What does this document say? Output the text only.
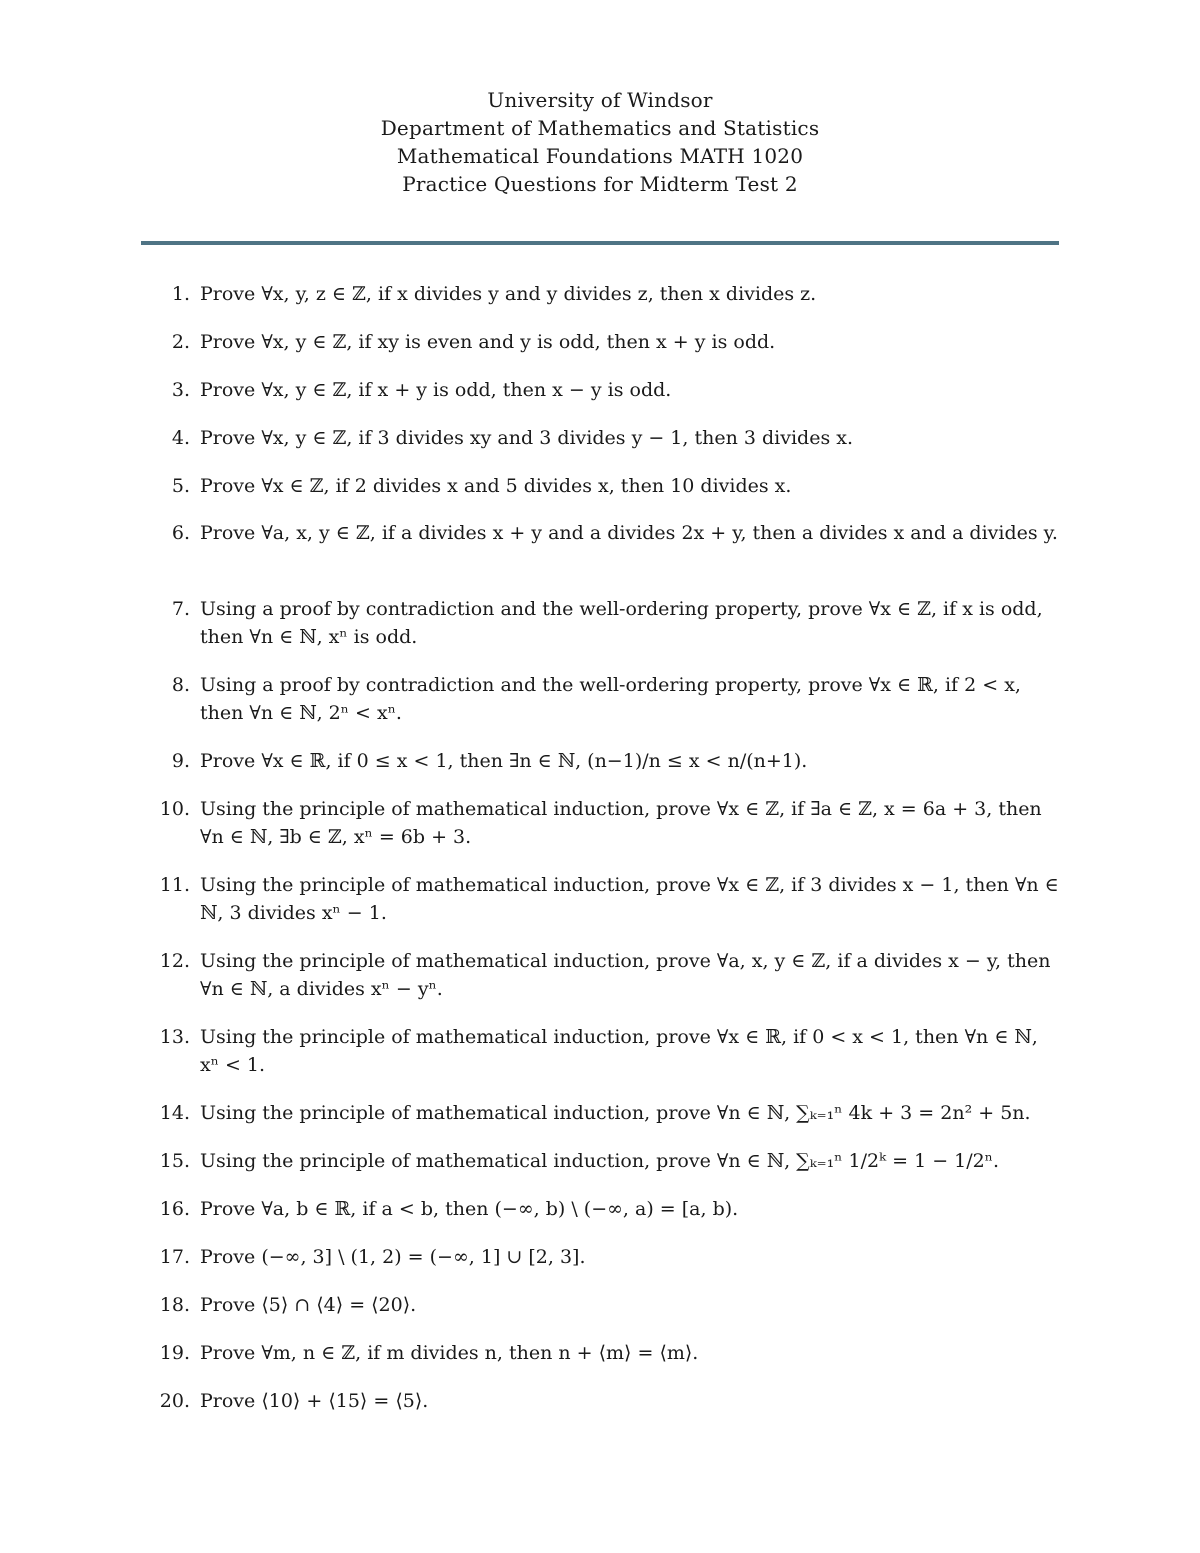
University of Windsor
Department of Mathematics and Statistics
Mathematical Foundations MATH 1020
Practice Questions for Midterm Test 2
1. Prove ∀x, y, z ∈ ℤ, if x divides y and y divides z, then x divides z.
2. Prove ∀x, y ∈ ℤ, if xy is even and y is odd, then x + y is odd.
3. Prove ∀x, y ∈ ℤ, if x + y is odd, then x − y is odd.
4. Prove ∀x, y ∈ ℤ, if 3 divides xy and 3 divides y − 1, then 3 divides x.
5. Prove ∀x ∈ ℤ, if 2 divides x and 5 divides x, then 10 divides x.
6. Prove ∀a, x, y ∈ ℤ, if a divides x + y and a divides 2x + y, then a divides x and a divides y.
7. Using a proof by contradiction and the well-ordering property, prove ∀x ∈ ℤ, if x is odd, then ∀n ∈ ℕ, xⁿ is odd.
8. Using a proof by contradiction and the well-ordering property, prove ∀x ∈ ℝ, if 2 < x, then ∀n ∈ ℕ, 2ⁿ < xⁿ.
9. Prove ∀x ∈ ℝ, if 0 ≤ x < 1, then ∃n ∈ ℕ, (n−1)/n ≤ x < n/(n+1).
10. Using the principle of mathematical induction, prove ∀x ∈ ℤ, if ∃a ∈ ℤ, x = 6a + 3, then ∀n ∈ ℕ, ∃b ∈ ℤ, xⁿ = 6b + 3.
11. Using the principle of mathematical induction, prove ∀x ∈ ℤ, if 3 divides x − 1, then ∀n ∈ ℕ, 3 divides xⁿ − 1.
12. Using the principle of mathematical induction, prove ∀a, x, y ∈ ℤ, if a divides x − y, then ∀n ∈ ℕ, a divides xⁿ − yⁿ.
13. Using the principle of mathematical induction, prove ∀x ∈ ℝ, if 0 < x < 1, then ∀n ∈ ℕ, xⁿ < 1.
14. Using the principle of mathematical induction, prove ∀n ∈ ℕ, ∑ₖ₌₁ⁿ 4k + 3 = 2n² + 5n.
15. Using the principle of mathematical induction, prove ∀n ∈ ℕ, ∑ₖ₌₁ⁿ 1/2ᵏ = 1 − 1/2ⁿ.
16. Prove ∀a, b ∈ ℝ, if a < b, then (−∞, b) \ (−∞, a) = [a, b).
17. Prove (−∞, 3] \ (1, 2) = (−∞, 1] ∪ [2, 3].
18. Prove ⟨5⟩ ∩ ⟨4⟩ = ⟨20⟩.
19. Prove ∀m, n ∈ ℤ, if m divides n, then n + ⟨m⟩ = ⟨m⟩.
20. Prove ⟨10⟩ + ⟨15⟩ = ⟨5⟩.
